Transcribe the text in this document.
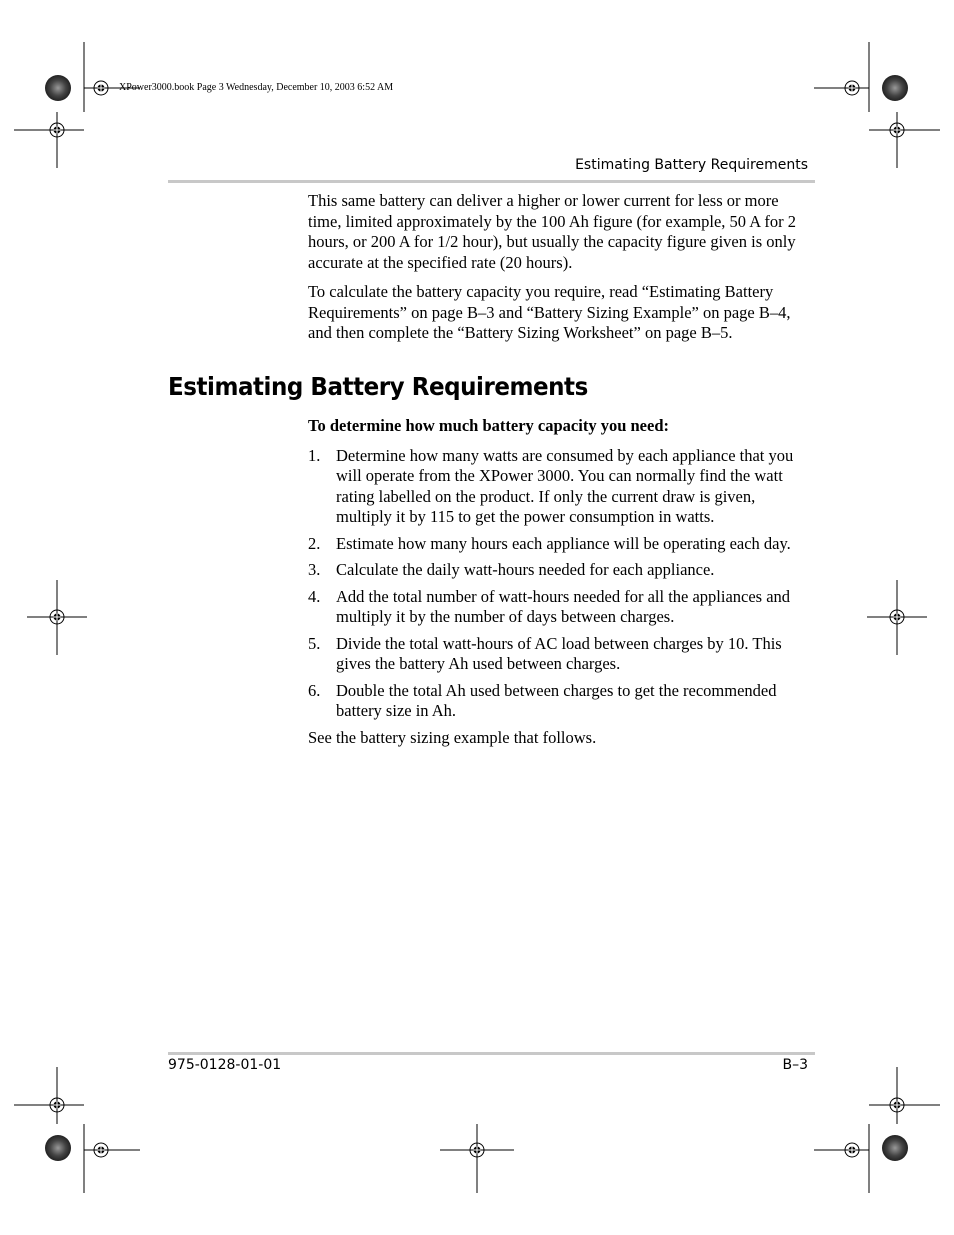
XPower3000.book Page 3 Wednesday, December 10, 2003 6:52 AM
Estimating Battery Requirements

This same battery can deliver a higher or lower current for less or more time, limited approximately by the 100 Ah figure (for example, 50 A for 2 hours, or 200 A for 1/2 hour), but usually the capacity figure given is only accurate at the specified rate (20 hours).

To calculate the battery capacity you require, read “Estimating Battery Requirements” on page B–3 and “Battery Sizing Example” on page B–4, and then complete the “Battery Sizing Worksheet” on page B–5.

Estimating Battery Requirements

To determine how much battery capacity you need:

1. Determine how many watts are consumed by each appliance that you will operate from the XPower 3000. You can normally find the watt rating labelled on the product. If only the current draw is given, multiply it by 115 to get the power consumption in watts.
2. Estimate how many hours each appliance will be operating each day.
3. Calculate the daily watt-hours needed for each appliance.
4. Add the total number of watt-hours needed for all the appliances and multiply it by the number of days between charges.
5. Divide the total watt-hours of AC load between charges by 10. This gives the battery Ah used between charges.
6. Double the total Ah used between charges to get the recommended battery size in Ah.

See the battery sizing example that follows.

975-0128-01-01	B–3
